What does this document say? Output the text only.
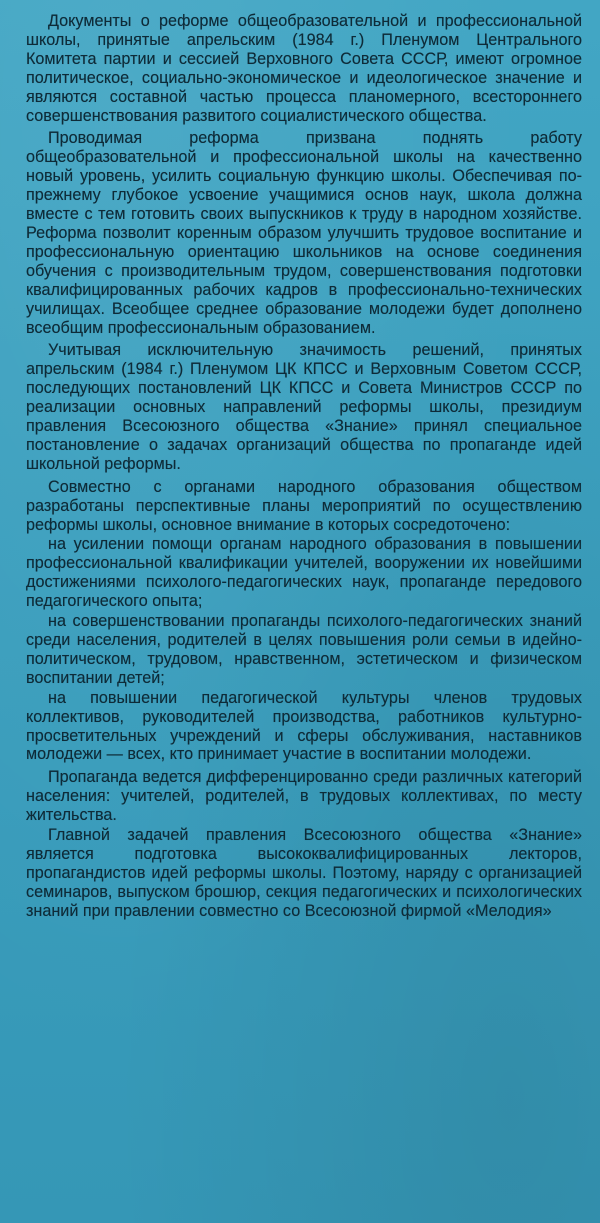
Документы о реформе общеобразовательной и профессиональной школы, принятые апрельским (1984 г.) Пленумом Центрального Комитета партии и сессией Верховного Совета СССР, имеют огромное политическое, социально-экономическое и идеологическое значение и являются составной частью процесса планомерного, всестороннего совершенствования развитого социалистического общества.

Проводимая реформа призвана поднять работу общеобразовательной и профессиональной школы на качественно новый уровень, усилить социальную функцию школы. Обеспечивая по-прежнему глубокое усвоение учащимися основ наук, школа должна вместе с тем готовить своих выпускников к труду в народном хозяйстве. Реформа позволит коренным образом улучшить трудовое воспитание и профессиональную ориентацию школьников на основе соединения обучения с производительным трудом, совершенствования подготовки квалифицированных рабочих кадров в профессионально-технических училищах. Всеобщее среднее образование молодежи будет дополнено всеобщим профессиональным образованием.

Учитывая исключительную значимость решений, принятых апрельским (1984 г.) Пленумом ЦК КПСС и Верховным Советом СССР, последующих постановлений ЦК КПСС и Совета Министров СССР по реализации основных направлений реформы школы, президиум правления Всесоюзного общества «Знание» принял специальное постановление о задачах организаций общества по пропаганде идей школьной реформы.

Совместно с органами народного образования обществом разработаны перспективные планы мероприятий по осуществлению реформы школы, основное внимание в которых сосредоточено:

на усилении помощи органам народного образования в повышении профессиональной квалификации учителей, вооружении их новейшими достижениями психолого-педагогических наук, пропаганде передового педагогического опыта;

на совершенствовании пропаганды психолого-педагогических знаний среди населения, родителей в целях повышения роли семьи в идейно-политическом, трудовом, нравственном, эстетическом и физическом воспитании детей;

на повышении педагогической культуры членов трудовых коллективов, руководителей производства, работников культурно-просветительных учреждений и сферы обслуживания, наставников молодежи — всех, кто принимает участие в воспитании молодежи.

Пропаганда ведется дифференцированно среди различных категорий населения: учителей, родителей, в трудовых коллективах, по месту жительства.

Главной задачей правления Всесоюзного общества «Знание» является подготовка высококвалифицированных лекторов, пропагандистов идей реформы школы. Поэтому, наряду с организацией семинаров, выпуском брошюр, секция педагогических и психологических знаний при правлении совместно со Всесоюзной фирмой «Мелодия»
